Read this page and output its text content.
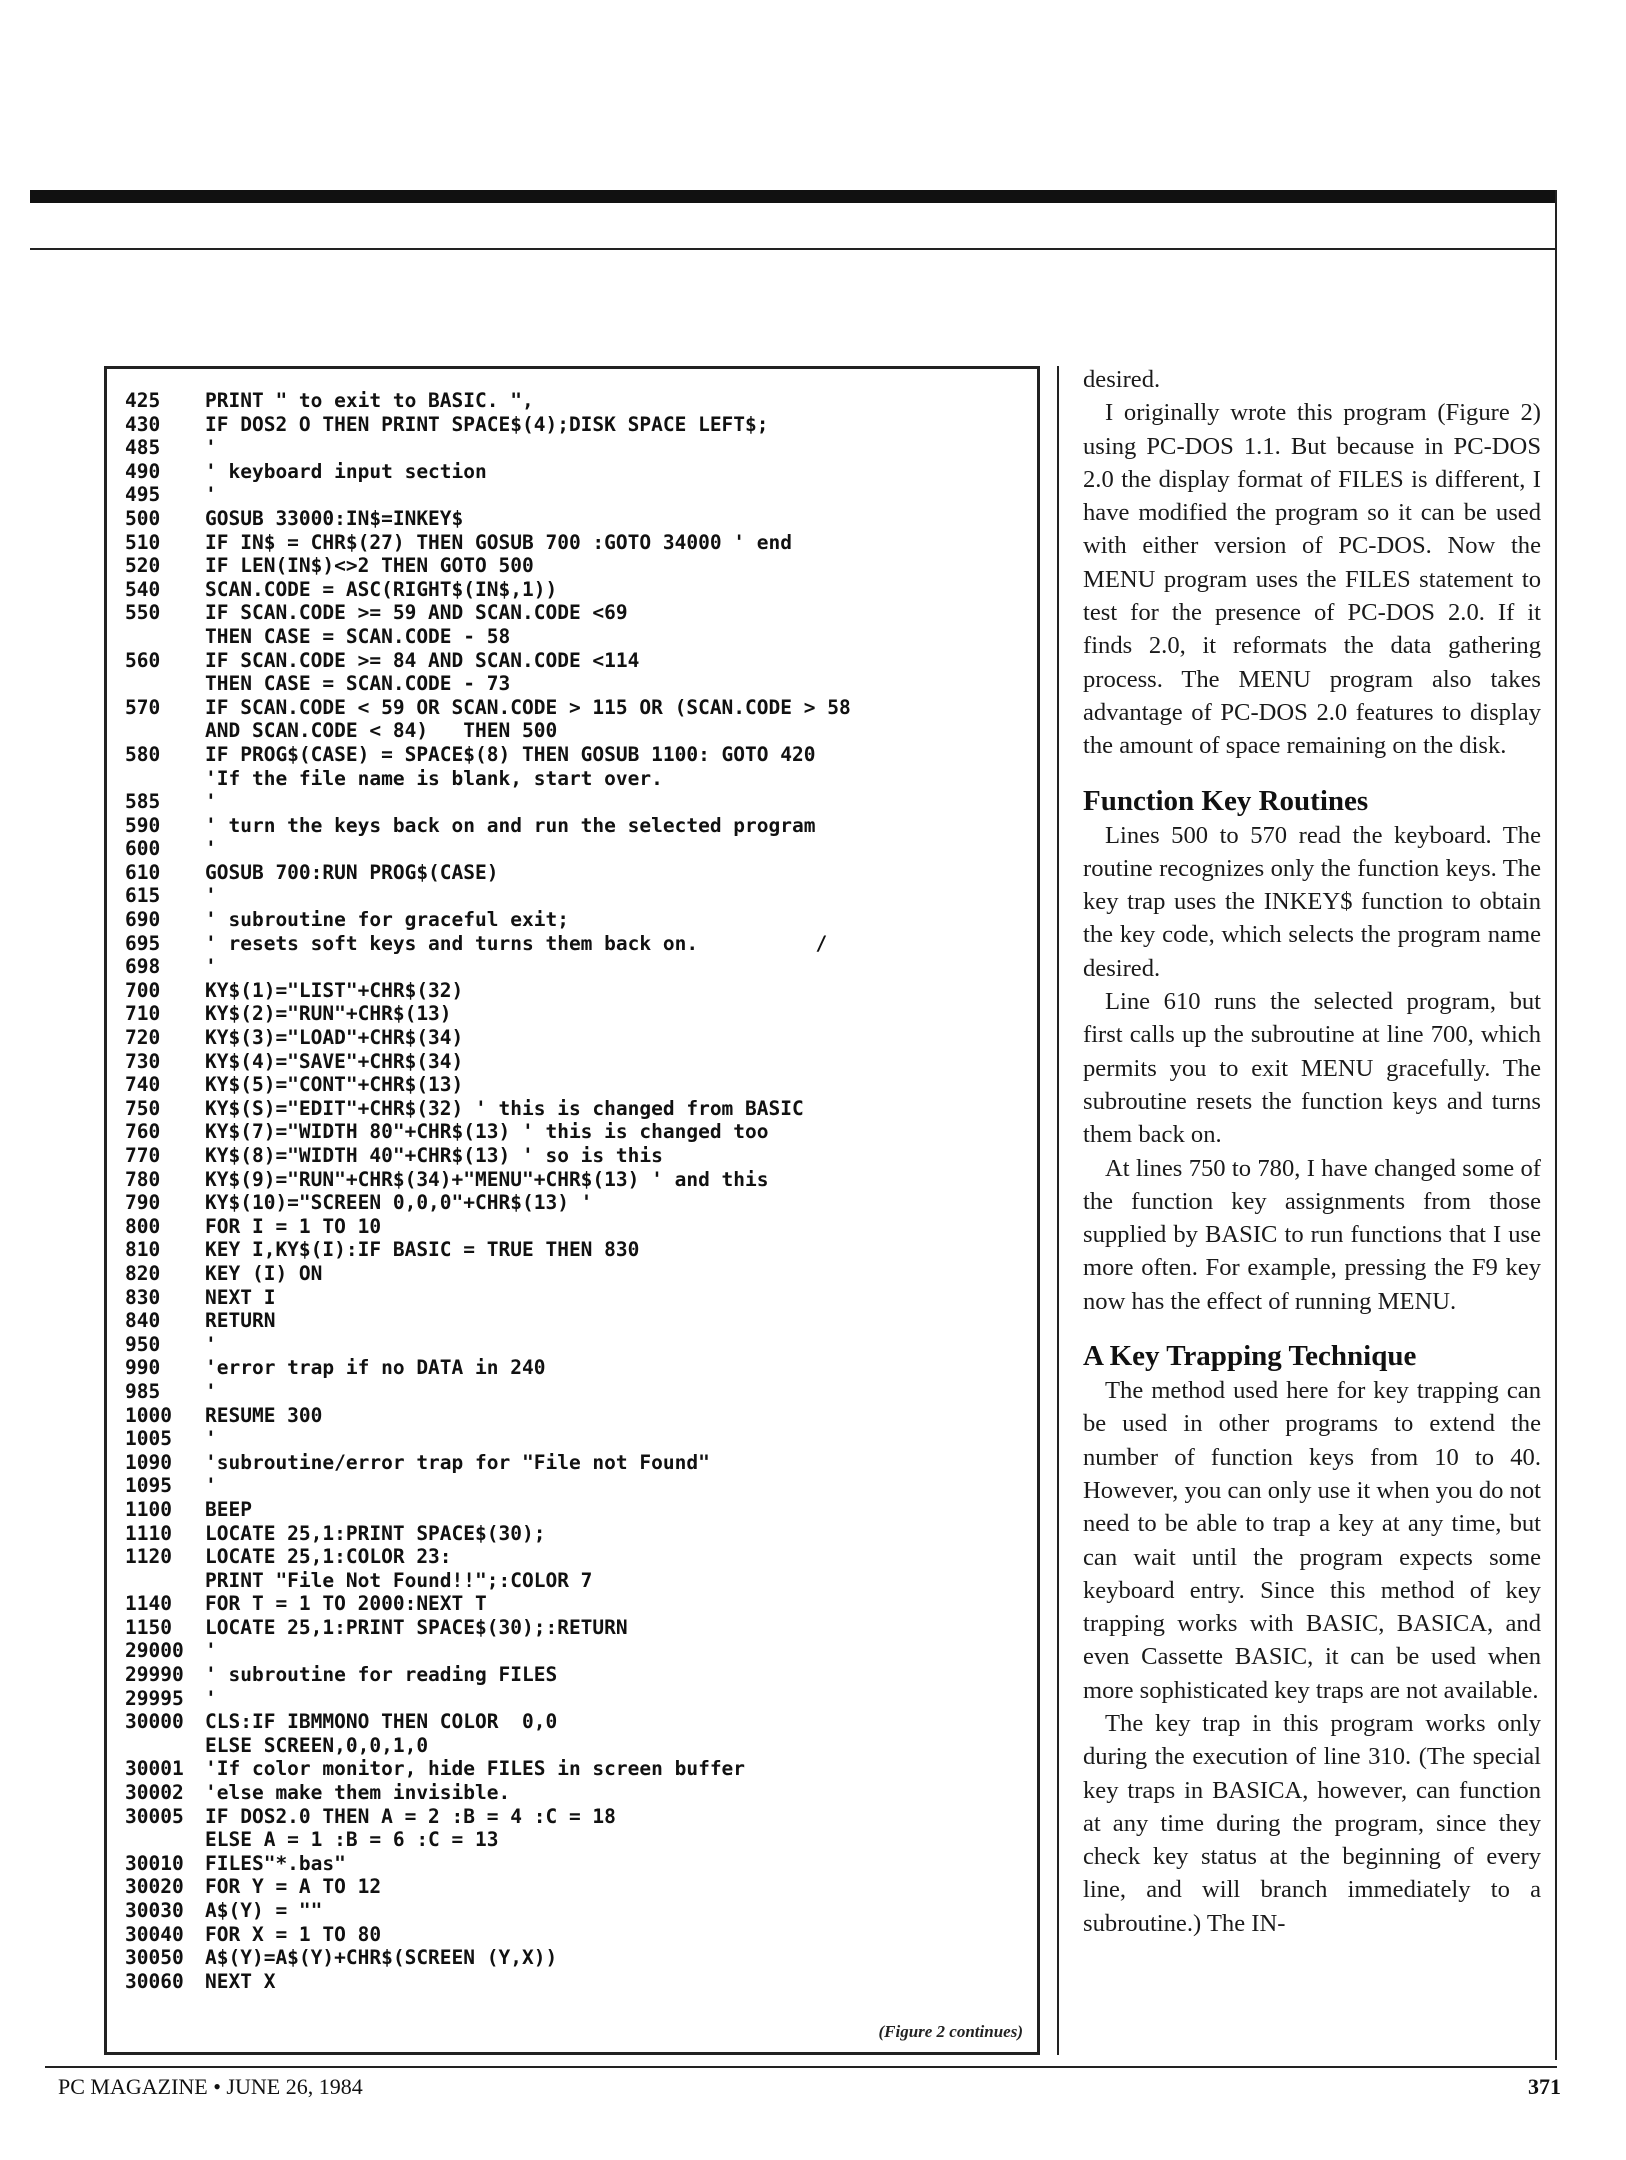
425	PRINT " to exit to BASIC. ",
430	IF DOS2 O THEN PRINT SPACE$(4);DISK SPACE LEFT$;
485	'
490	' keyboard input section
495	'
500	GOSUB 33000:IN$=INKEY$
510	IF IN$ = CHR$(27) THEN GOSUB 700 :GOTO 34000 ' end
520	IF LEN(IN$)<>2 THEN GOTO 500
540	SCAN.CODE = ASC(RIGHT$(IN$,1))
550	IF SCAN.CODE >= 59 AND SCAN.CODE <69
THEN CASE = SCAN.CODE - 58
560	IF SCAN.CODE >= 84 AND SCAN.CODE <114
THEN CASE = SCAN.CODE - 73
570	IF SCAN.CODE < 59 OR SCAN.CODE > 115 OR (SCAN.CODE > 58
AND SCAN.CODE < 84)   THEN 500
580	IF PROG$(CASE) = SPACE$(8) THEN GOSUB 1100: GOTO 420
'If the file name is blank, start over.
585	'
590	' turn the keys back on and run the selected program
600	'
610	GOSUB 700:RUN PROG$(CASE)
615	'
690	' subroutine for graceful exit;
695	' resets soft keys and turns them back on.          /
698	'
700	KY$(1)="LIST"+CHR$(32)
710	KY$(2)="RUN"+CHR$(13)
720	KY$(3)="LOAD"+CHR$(34)
730	KY$(4)="SAVE"+CHR$(34)
740	KY$(5)="CONT"+CHR$(13)
750	KY$(S)="EDIT"+CHR$(32) ' this is changed from BASIC
760	KY$(7)="WIDTH 80"+CHR$(13) ' this is changed too
770	KY$(8)="WIDTH 40"+CHR$(13) ' so is this
780	KY$(9)="RUN"+CHR$(34)+"MENU"+CHR$(13) ' and this
790	KY$(10)="SCREEN 0,0,0"+CHR$(13) '
800	FOR I = 1 TO 10
810	KEY I,KY$(I):IF BASIC = TRUE THEN 830
820	KEY (I) ON
830	NEXT I
840	RETURN
950	'
990	'error trap if no DATA in 240
985	'
1000	RESUME 300
1005	'
1090	'subroutine/error trap for "File not Found"
1095	'
1100	BEEP
1110	LOCATE 25,1:PRINT SPACE$(30);
1120	LOCATE 25,1:COLOR 23:
PRINT "File Not Found!!";:COLOR 7
1140	FOR T = 1 TO 2000:NEXT T
1150	LOCATE 25,1:PRINT SPACE$(30);:RETURN
29000	'
29990	' subroutine for reading FILES
29995	'
30000	CLS:IF IBMMONO THEN COLOR  0,0
ELSE SCREEN,0,0,1,0
30001	'If color monitor, hide FILES in screen buffer
30002	'else make them invisible.
30005	IF DOS2.0 THEN A = 2 :B = 4 :C = 18
ELSE A = 1 :B = 6 :C = 13
30010	FILES"*.bas"
30020	FOR Y = A TO 12
30030	A$(Y) = ""
30040	FOR X = 1 TO 80
30050	A$(Y)=A$(Y)+CHR$(SCREEN (Y,X))
30060	NEXT X
(Figure 2 continues)

desired.

I originally wrote this program (Figure 2) using PC-DOS 1.1. But because in PC-DOS 2.0 the display format of FILES is different, I have modified the program so it can be used with either version of PC-DOS. Now the MENU program uses the FILES statement to test for the presence of PC-DOS 2.0. If it finds 2.0, it reformats the data gathering process. The MENU program also takes advantage of PC-DOS 2.0 features to display the amount of space remaining on the disk.

Function Key Routines

Lines 500 to 570 read the keyboard. The routine recognizes only the function keys. The key trap uses the INKEY$ function to obtain the key code, which selects the program name desired.

Line 610 runs the selected program, but first calls up the subroutine at line 700, which permits you to exit MENU gracefully. The subroutine resets the function keys and turns them back on.

At lines 750 to 780, I have changed some of the function key assignments from those supplied by BASIC to run functions that I use more often. For example, pressing the F9 key now has the effect of running MENU.

A Key Trapping Technique

The method used here for key trapping can be used in other programs to extend the number of function keys from 10 to 40. However, you can only use it when you do not need to be able to trap a key at any time, but can wait until the program expects some keyboard entry. Since this method of key trapping works with BASIC, BASICA, and even Cassette BASIC, it can be used when more sophisticated key traps are not available.

The key trap in this program works only during the execution of line 310. (The special key traps in BASICA, however, can function at any time during the program, since they check key status at the beginning of every line, and will branch immediately to a subroutine.) The IN-

PC MAGAZINE • JUNE 26, 1984	371
